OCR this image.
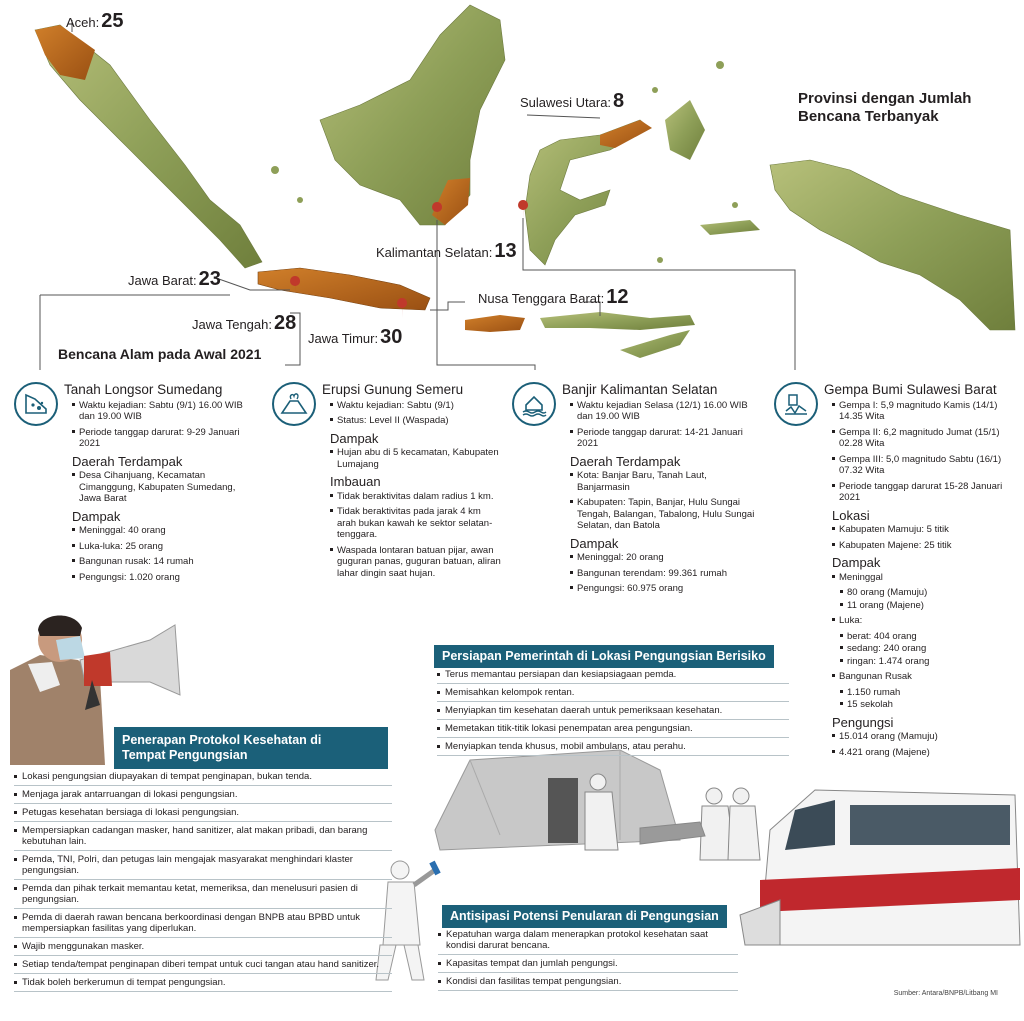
Aceh: 25
Sulawesi Utara: 8
Kalimantan Selatan: 13
Jawa Barat: 23
Nusa Tenggara Barat: 12
Jawa Tengah: 28
Jawa Timur: 30
Provinsi dengan Jumlah Bencana Terbanyak
Bencana Alam pada Awal 2021
Tanah Longsor Sumedang
Waktu kejadian: Sabtu (9/1) 16.00 WIB dan 19.00 WIB
Periode tanggap darurat: 9-29 Januari 2021
Daerah Terdampak
Desa Cihanjuang, Kecamatan Cimanggung, Kabupaten Sumedang, Jawa Barat
Dampak
Meninggal: 40 orang
Luka-luka: 25 orang
Bangunan rusak: 14 rumah
Pengungsi: 1.020 orang
Erupsi Gunung Semeru
Waktu kejadian: Sabtu (9/1)
Status: Level II (Waspada)
Dampak
Hujan abu di 5 kecamatan, Kabupaten Lumajang
Imbauan
Tidak beraktivitas dalam radius 1 km.
Tidak beraktivitas pada jarak 4 km arah bukan kawah ke sektor selatan-tenggara.
Waspada lontaran batuan pijar, awan guguran panas, guguran batuan, aliran lahar dingin saat hujan.
Banjir Kalimantan Selatan
Waktu kejadian Selasa (12/1) 16.00 WIB dan 19.00 WIB
Periode tanggap darurat: 14-21 Januari 2021
Daerah Terdampak
Kota: Banjar Baru, Tanah Laut, Banjarmasin
Kabupaten: Tapin, Banjar, Hulu Sungai Tengah, Balangan, Tabalong, Hulu Sungai Selatan, dan Batola
Dampak
Meninggal: 20 orang
Bangunan terendam: 99.361 rumah
Pengungsi: 60.975 orang
Gempa Bumi Sulawesi Barat
Gempa I: 5,9 magnitudo Kamis (14/1) 14.35 Wita
Gempa II: 6,2 magnitudo Jumat (15/1) 02.28 Wita
Gempa III: 5,0 magnitudo Sabtu (16/1) 07.32 Wita
Periode tanggap darurat 15-28 Januari 2021
Lokasi
Kabupaten Mamuju: 5 titik
Kabupaten Majene: 25 titik
Dampak
Meninggal
80 orang (Mamuju)
11 orang (Majene)
Luka:
berat: 404 orang
sedang: 240 orang
ringan: 1.474 orang
Bangunan Rusak
1.150 rumah
15 sekolah
Pengungsi
15.014 orang (Mamuju)
4.421 orang (Majene)
Persiapan Pemerintah di Lokasi Pengungsian Berisiko
Terus memantau persiapan dan kesiapsiagaan pemda.
Memisahkan kelompok rentan.
Menyiapkan tim kesehatan daerah untuk pemeriksaan kesehatan.
Memetakan titik-titik lokasi penempatan area pengungsian.
Menyiapkan tenda khusus, mobil ambulans, atau perahu.
Penerapan Protokol Kesehatan di
Tempat Pengungsian
Lokasi pengungsian diupayakan di tempat penginapan, bukan tenda.
Menjaga jarak antarruangan di lokasi pengungsian.
Petugas kesehatan bersiaga di lokasi pengungsian.
Mempersiapkan cadangan masker, hand sanitizer, alat makan pribadi, dan barang kebutuhan lain.
Pemda, TNI, Polri, dan petugas lain mengajak masyarakat menghindari klaster pengungsian.
Pemda dan pihak terkait memantau ketat, memeriksa, dan menelusuri pasien di pengungsian.
Pemda di daerah rawan bencana berkoordinasi dengan BNPB atau BPBD untuk mempersiapkan fasilitas yang diperlukan.
Wajib menggunakan masker.
Setiap tenda/tempat penginapan diberi tempat untuk cuci tangan atau hand sanitizer.
Tidak boleh berkerumun di tempat pengungsian.
Antisipasi Potensi Penularan di Pengungsian
Kepatuhan warga dalam menerapkan protokol kesehatan saat kondisi darurat bencana.
Kapasitas tempat dan jumlah pengungsi.
Kondisi dan fasilitas tempat pengungsian.
Sumber: Antara/BNPB/Litbang MI
